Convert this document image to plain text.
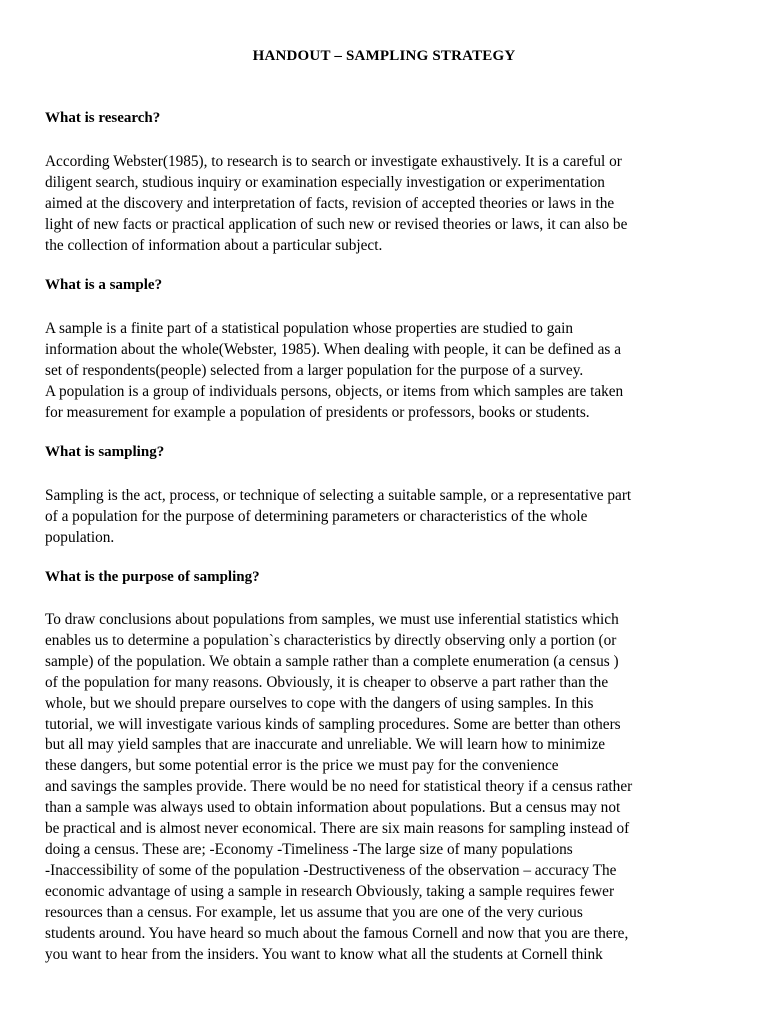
HANDOUT – SAMPLING STRATEGY
What is research?
According Webster(1985), to research is to search or investigate exhaustively. It is a careful or
diligent search, studious inquiry or examination especially investigation or experimentation
aimed at the discovery and interpretation of facts, revision of accepted theories or laws in the
light of new facts or practical application of such new or revised theories or laws, it can also be
the collection of information about a particular subject.
What is a sample?
A sample is a finite part of a statistical population whose properties are studied to gain
information about the whole(Webster, 1985). When dealing with people, it can be defined as a
set of respondents(people) selected from a larger population for the purpose of a survey.
A population is a group of individuals persons, objects, or items from which samples are taken
for measurement for example a population of presidents or professors, books or students.
What is sampling?
Sampling is the act, process, or technique of selecting a suitable sample, or a representative part
of a population for the purpose of determining parameters or characteristics of the whole
population.
What is the purpose of sampling?
To draw conclusions about populations from samples, we must use inferential statistics which
enables us to determine a population`s characteristics by directly observing only a portion (or
sample) of the population. We obtain a sample rather than a complete enumeration (a census )
of the population for many reasons. Obviously, it is cheaper to observe a part rather than the
whole, but we should prepare ourselves to cope with the dangers of using samples. In this
tutorial, we will investigate various kinds of sampling procedures. Some are better than others
but all may yield samples that are inaccurate and unreliable. We will learn how to minimize
these dangers, but some potential error is the price we must pay for the convenience
and savings the samples provide. There would be no need for statistical theory if a census rather
than a sample was always used to obtain information about populations. But a census may not
be practical and is almost never economical. There are six main reasons for sampling instead of
doing a census. These are; -Economy -Timeliness -The large size of many populations
-Inaccessibility of some of the population -Destructiveness of the observation – accuracy The
economic advantage of using a sample in research Obviously, taking a sample requires fewer
resources than a census. For example, let us assume that you are one of the very curious
students around. You have heard so much about the famous Cornell and now that you are there,
you want to hear from the insiders. You want to know what all the students at Cornell think
